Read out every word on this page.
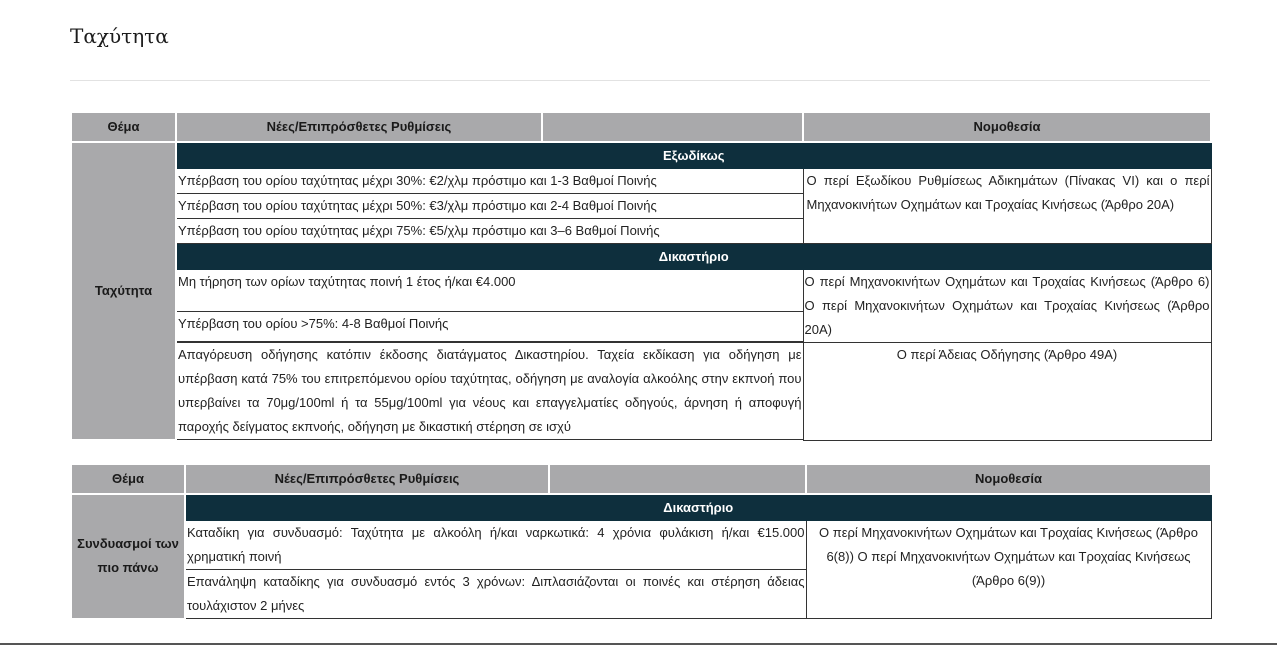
Ταχύτητα
Θέμα	Νέες/Επιπρόσθετες Ρυθμίσεις		Νομοθεσία
Ταχύτητα	Εξωδίκως		
	Υπέρβαση του ορίου ταχύτητας μέχρι 30%: €2/χλμ πρόστιμο και 1-3 Βαθμοί Ποινής		Ο περί Εξωδίκου Ρυθμίσεως Αδικημάτων (Πίνακας VI) και ο περί Μηχανοκινήτων Οχημάτων και Τροχαίας Κινήσεως (Άρθρο 20Α)
	Υπέρβαση του ορίου ταχύτητας μέχρι 50%: €3/χλμ πρόστιμο και 2-4 Βαθμοί Ποινής		
	Υπέρβαση του ορίου ταχύτητας μέχρι 75%: €5/χλμ πρόστιμο και 3–6 Βαθμοί Ποινής		
	Δικαστήριο		
	Μη τήρηση των ορίων ταχύτητας ποινή 1 έτος ή/και €4.000		Ο περί Μηχανοκινήτων Οχημάτων και Τροχαίας Κινήσεως (Άρθρο 6) Ο περί Μηχανοκινήτων Οχημάτων και Τροχαίας Κινήσεως (Άρθρο 20Α)
	Υπέρβαση του ορίου >75%: 4-8 Βαθμοί Ποινής		

	Απαγόρευση οδήγησης κατόπιν έκδοσης διατάγματος Δικαστηρίου. Ταχεία εκδίκαση για οδήγηση με υπέρβαση κατά 75% του επιτρεπόμενου ορίου ταχύτητας, οδήγηση με αναλογία αλκοόλης στην εκπνοή που υπερβαίνει τα 70μg/100ml ή τα 55μg/100ml για νέους και επαγγελματίες οδηγούς, άρνηση ή αποφυγή παροχής δείγματος εκπνοής, οδήγηση με δικαστική στέρηση σε ισχύ		Ο περί Άδειας Οδήγησης (Άρθρο 49Α)

Θέμα	Νέες/Επιπρόσθετες Ρυθμίσεις		Νομοθεσία
Συνδυασμοί των πιο πάνω	Δικαστήριο		
	Καταδίκη για συνδυασμό: Ταχύτητα με αλκοόλη ή/και ναρκωτικά: 4 χρόνια φυλάκιση ή/και €15.000 χρηματική ποινή		Ο περί Μηχανοκινήτων Οχημάτων και Τροχαίας Κινήσεως (Άρθρο 6(8)) Ο περί Μηχανοκινήτων Οχημάτων και Τροχαίας Κινήσεως (Άρθρο 6(9))
	Επανάληψη καταδίκης για συνδυασμό εντός 3 χρόνων: Διπλασιάζονται οι ποινές και στέρηση άδειας τουλάχιστον 2 μήνες		
